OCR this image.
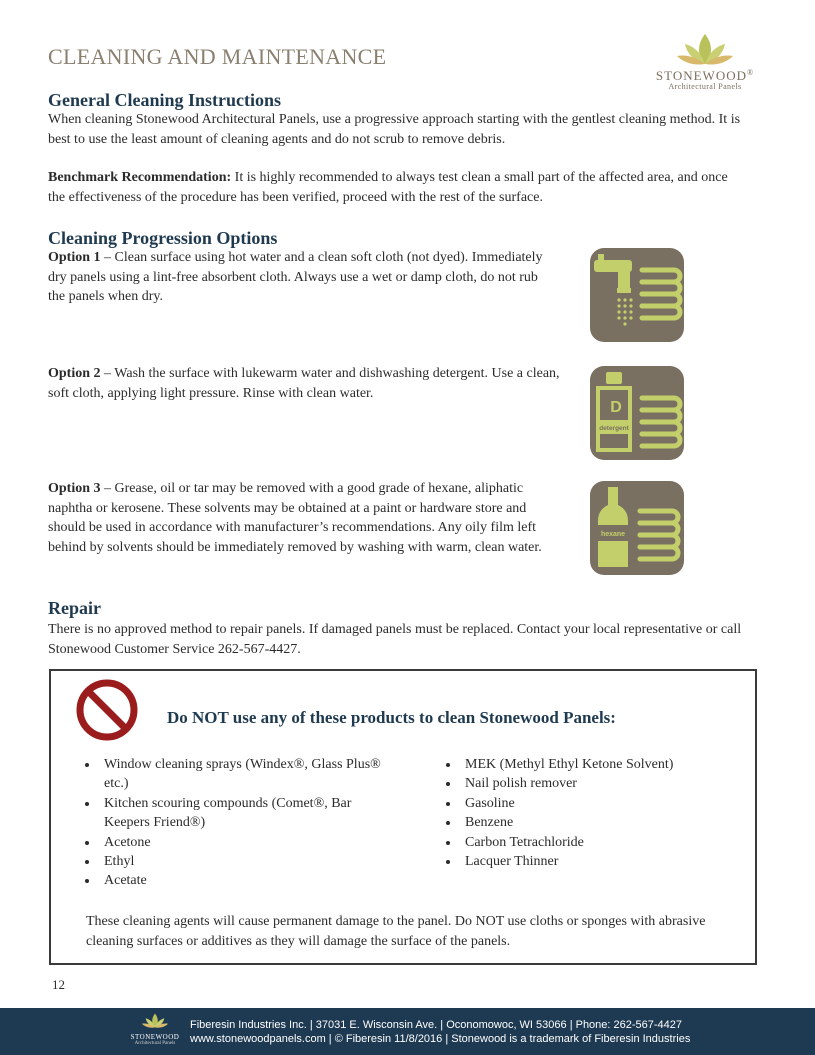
CLEANING AND MAINTENANCE
STONEWOOD®
Architectural Panels
General Cleaning Instructions
When cleaning Stonewood Architectural Panels, use a progressive approach starting with the gentlest cleaning method. It is best to use the least amount of cleaning agents and do not scrub to remove debris.
Benchmark Recommendation: It is highly recommended to always test clean a small part of the affected area, and once the effectiveness of the procedure has been verified, proceed with the rest of the surface.
Cleaning Progression Options
Option 1 – Clean surface using hot water and a clean soft cloth (not dyed). Immediately dry panels using a lint-free absorbent cloth. Always use a wet or damp cloth, do not rub the panels when dry.
Option 2 – Wash the surface with lukewarm water and dishwashing detergent. Use a clean, soft cloth, applying light pressure. Rinse with clean water.
D
detergent
Option 3 – Grease, oil or tar may be removed with a good grade of hexane, aliphatic naphtha or kerosene. These solvents may be obtained at a paint or hardware store and should be used in accordance with manufacturer’s recommendations. Any oily film left behind by solvents should be immediately removed by washing with warm, clean water.
hexane
Repair
There is no approved method to repair panels. If damaged panels must be replaced. Contact your local representative or call Stonewood Customer Service 262-567-4427.
Do NOT use any of these products to clean Stonewood Panels:
• Window cleaning sprays (Windex®, Glass Plus® etc.)
• Kitchen scouring compounds (Comet®, Bar Keepers Friend®)
• Acetone
• Ethyl
• Acetate
• MEK (Methyl Ethyl Ketone Solvent)
• Nail polish remover
• Gasoline
• Benzene
• Carbon Tetrachloride
• Lacquer Thinner
These cleaning agents will cause permanent damage to the panel. Do NOT use cloths or sponges with abrasive cleaning surfaces or additives as they will damage the surface of the panels.
12
STONEWOOD
Architectural Panels
Fiberesin Industries Inc. | 37031 E. Wisconsin Ave. | Oconomowoc, WI 53066 | Phone: 262-567-4427
www.stonewoodpanels.com | © Fiberesin 11/8/2016 | Stonewood is a trademark of Fiberesin Industries
